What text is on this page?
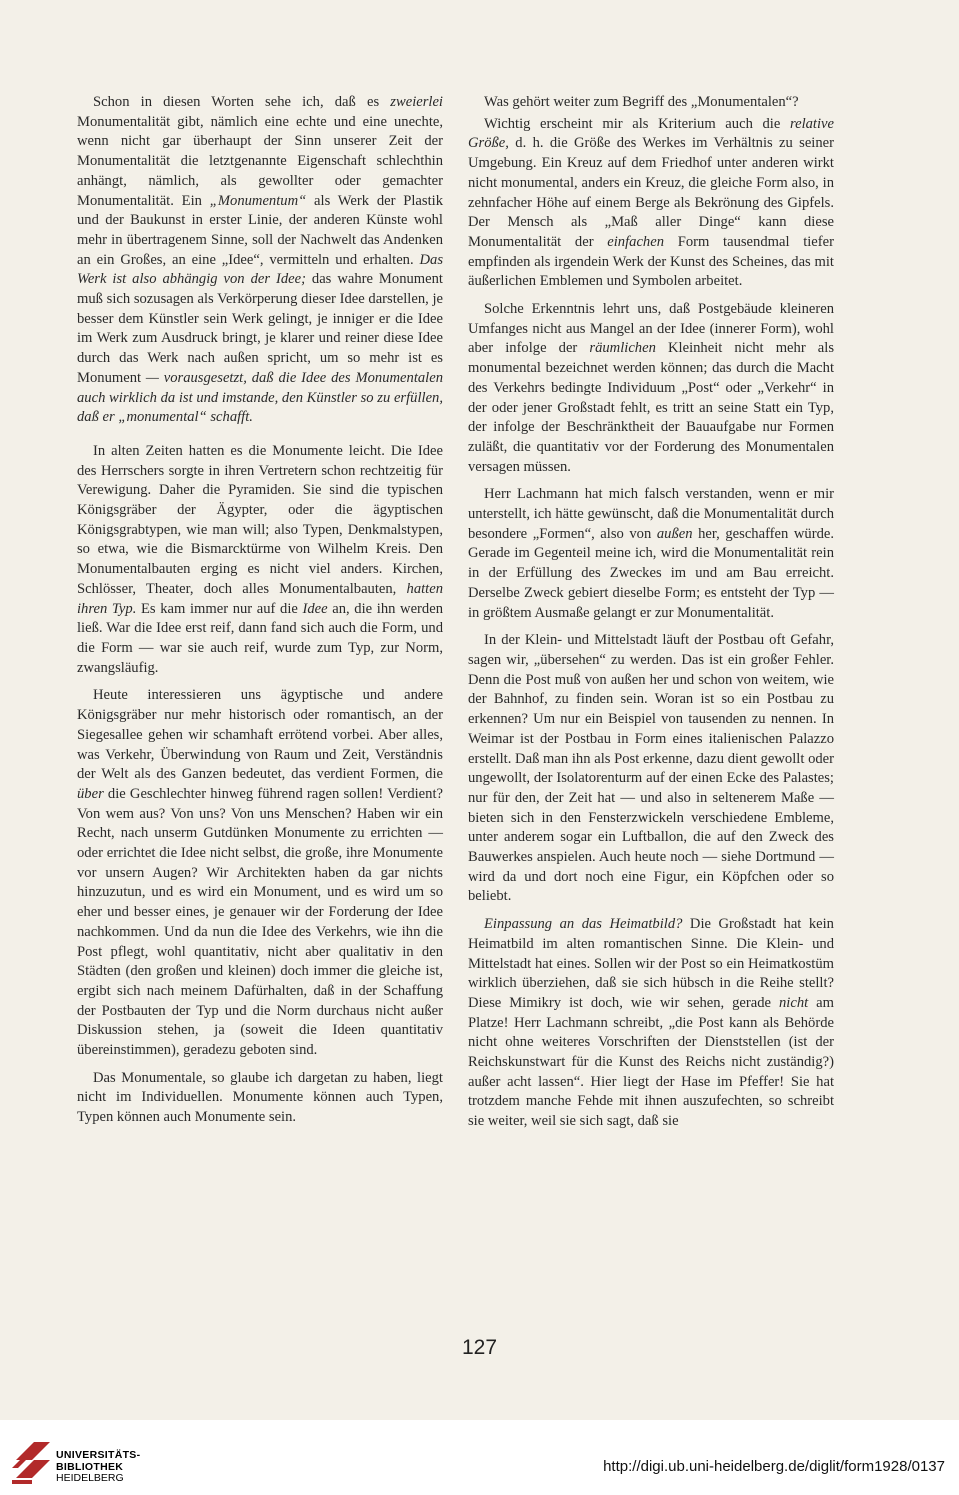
Schon in diesen Worten sehe ich, daß es zweierlei Monumentalität gibt, nämlich eine echte und eine unechte, wenn nicht gar überhaupt der Sinn unserer Zeit der Monumentalität die letztgenannte Eigenschaft schlechthin anhängt, nämlich, als gewollter oder gemachter Monumentalität. Ein „Monumentum“ als Werk der Plastik und der Baukunst in erster Linie, der anderen Künste wohl mehr in übertragenem Sinne, soll der Nachwelt das Andenken an ein Großes, an eine „Idee“, vermitteln und erhalten. Das Werk ist also abhängig von der Idee; das wahre Monument muß sich sozusagen als Verkörperung dieser Idee darstellen, je besser dem Künstler sein Werk gelingt, je inniger er die Idee im Werk zum Ausdruck bringt, je klarer und reiner diese Idee durch das Werk nach außen spricht, um so mehr ist es Monument — vorausgesetzt, daß die Idee des Monumentalen auch wirklich da ist und imstande, den Künstler so zu erfüllen, daß er „monumental“ schafft.

In alten Zeiten hatten es die Monumente leicht. Die Idee des Herrschers sorgte in ihren Vertretern schon rechtzeitig für Verewigung. Daher die Pyramiden. Sie sind die typischen Königsgräber der Ägypter, oder die ägyptischen Königsgrabtypen, wie man will; also Typen, Denkmalstypen, so etwa, wie die Bismarcktürme von Wilhelm Kreis. Den Monumentalbauten erging es nicht viel anders. Kirchen, Schlösser, Theater, doch alles Monumentalbauten, hatten ihren Typ. Es kam immer nur auf die Idee an, die ihn werden ließ. War die Idee erst reif, dann fand sich auch die Form, und die Form — war sie auch reif, wurde zum Typ, zur Norm, zwangsläufig.

Heute interessieren uns ägyptische und andere Königsgräber nur mehr historisch oder romantisch, an der Siegesallee gehen wir schamhaft errötend vorbei. Aber alles, was Verkehr, Überwindung von Raum und Zeit, Verständnis der Welt als des Ganzen bedeutet, das verdient Formen, die über die Geschlechter hinweg führend ragen sollen! Verdient? Von wem aus? Von uns? Von uns Menschen? Haben wir ein Recht, nach unserm Gutdünken Monumente zu errichten — oder errichtet die Idee nicht selbst, die große, ihre Monumente vor unsern Augen? Wir Architekten haben da gar nichts hinzuzutun, und es wird ein Monument, und es wird um so eher und besser eines, je genauer wir der Forderung der Idee nachkommen. Und da nun die Idee des Verkehrs, wie ihn die Post pflegt, wohl quantitativ, nicht aber qualitativ in den Städten (den großen und kleinen) doch immer die gleiche ist, ergibt sich nach meinem Dafürhalten, daß in der Schaffung der Postbauten der Typ und die Norm durchaus nicht außer Diskussion stehen, ja (soweit die Ideen quantitativ übereinstimmen), geradezu geboten sind.

Das Monumentale, so glaube ich dargetan zu haben, liegt nicht im Individuellen. Monumente können auch Typen, Typen können auch Monumente sein.

Was gehört weiter zum Begriff des „Monumentalen“?

Wichtig erscheint mir als Kriterium auch die relative Größe, d. h. die Größe des Werkes im Verhältnis zu seiner Umgebung. Ein Kreuz auf dem Friedhof unter anderen wirkt nicht monumental, anders ein Kreuz, die gleiche Form also, in zehnfacher Höhe auf einem Berge als Bekrönung des Gipfels. Der Mensch als „Maß aller Dinge“ kann diese Monumentalität der einfachen Form tausendmal tiefer empfinden als irgendein Werk der Kunst des Scheines, das mit äußerlichen Emblemen und Symbolen arbeitet.

Solche Erkenntnis lehrt uns, daß Postgebäude kleineren Umfanges nicht aus Mangel an der Idee (innerer Form), wohl aber infolge der räumlichen Kleinheit nicht mehr als monumental bezeichnet werden können; das durch die Macht des Verkehrs bedingte Individuum „Post“ oder „Verkehr“ in der oder jener Großstadt fehlt, es tritt an seine Statt ein Typ, der infolge der Beschränktheit der Bauaufgabe nur Formen zuläßt, die quantitativ vor der Forderung des Monumentalen versagen müssen.

Herr Lachmann hat mich falsch verstanden, wenn er mir unterstellt, ich hätte gewünscht, daß die Monumentalität durch besondere „Formen“, also von außen her, geschaffen würde. Gerade im Gegenteil meine ich, wird die Monumentalität rein in der Erfüllung des Zweckes im und am Bau erreicht. Derselbe Zweck gebiert dieselbe Form; es entsteht der Typ — in größtem Ausmaße gelangt er zur Monumentalität.

In der Klein- und Mittelstadt läuft der Postbau oft Gefahr, sagen wir, „übersehen“ zu werden. Das ist ein großer Fehler. Denn die Post muß von außen her und schon von weitem, wie der Bahnhof, zu finden sein. Woran ist so ein Postbau zu erkennen? Um nur ein Beispiel von tausenden zu nennen. In Weimar ist der Postbau in Form eines italienischen Palazzo erstellt. Daß man ihn als Post erkenne, dazu dient gewollt oder ungewollt, der Isolatorenturm auf der einen Ecke des Palastes; nur für den, der Zeit hat — und also in seltenerem Maße — bieten sich in den Fensterzwickeln verschiedene Embleme, unter anderem sogar ein Luftballon, die auf den Zweck des Bauwerkes anspielen. Auch heute noch — siehe Dortmund — wird da und dort noch eine Figur, ein Köpfchen oder so beliebt.

Einpassung an das Heimatbild? Die Großstadt hat kein Heimatbild im alten romantischen Sinne. Die Klein- und Mittelstadt hat eines. Sollen wir der Post so ein Heimatkostüm wirklich überziehen, daß sie sich hübsch in die Reihe stellt? Diese Mimikry ist doch, wie wir sehen, gerade nicht am Platze! Herr Lachmann schreibt, „die Post kann als Behörde nicht ohne weiteres Vorschriften der Dienststellen (ist der Reichskunstwart für die Kunst des Reichs nicht zuständig?) außer acht lassen“. Hier liegt der Hase im Pfeffer! Sie hat trotzdem manche Fehde mit ihnen auszufechten, so schreibt sie weiter, weil sie sich sagt, daß sie

127
UNIVERSITÄTS-
BIBLIOTHEK
HEIDELBERG
http://digi.ub.uni-heidelberg.de/diglit/form1928/0137
